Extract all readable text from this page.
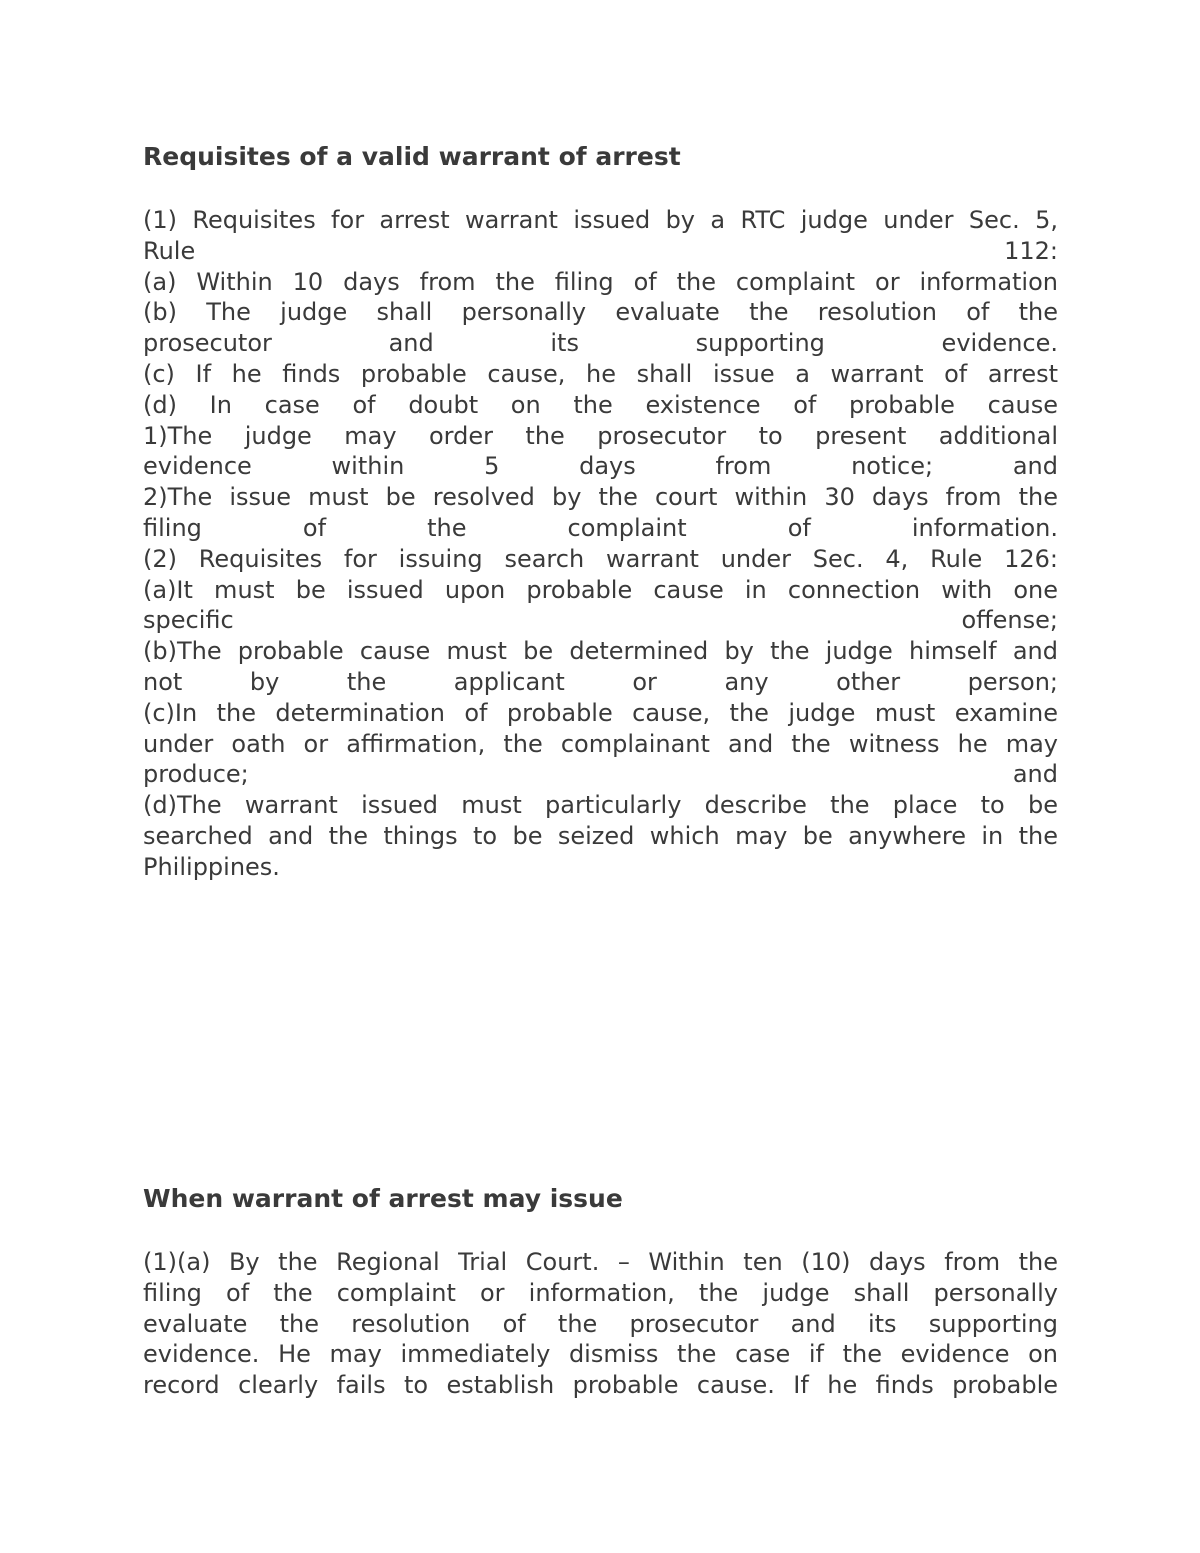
Requisites of a valid warrant of arrest
(1) Requisites for arrest warrant issued by a RTC judge under Sec. 5,
Rule 112:
(a) Within 10 days from the filing of the complaint or information
(b) The judge shall personally evaluate the resolution of the
prosecutor and its supporting evidence.
(c) If he finds probable cause, he shall issue a warrant of arrest
(d) In case of doubt on the existence of probable cause
1)The judge may order the prosecutor to present additional
evidence within 5 days from notice; and
2)The issue must be resolved by the court within 30 days from the
filing of the complaint of information.
(2) Requisites for issuing search warrant under Sec. 4, Rule 126:
(a)It must be issued upon probable cause in connection with one
specific offense;
(b)The probable cause must be determined by the judge himself and
not by the applicant or any other person;
(c)In the determination of probable cause, the judge must examine
under oath or affirmation, the complainant and the witness he may
produce; and
(d)The warrant issued must particularly describe the place to be
searched and the things to be seized which may be anywhere in the
Philippines.
When warrant of arrest may issue
(1)(a) By the Regional Trial Court. – Within ten (10) days from the
filing of the complaint or information, the judge shall personally
evaluate the resolution of the prosecutor and its supporting
evidence. He may immediately dismiss the case if the evidence on
record clearly fails to establish probable cause. If he finds probable
